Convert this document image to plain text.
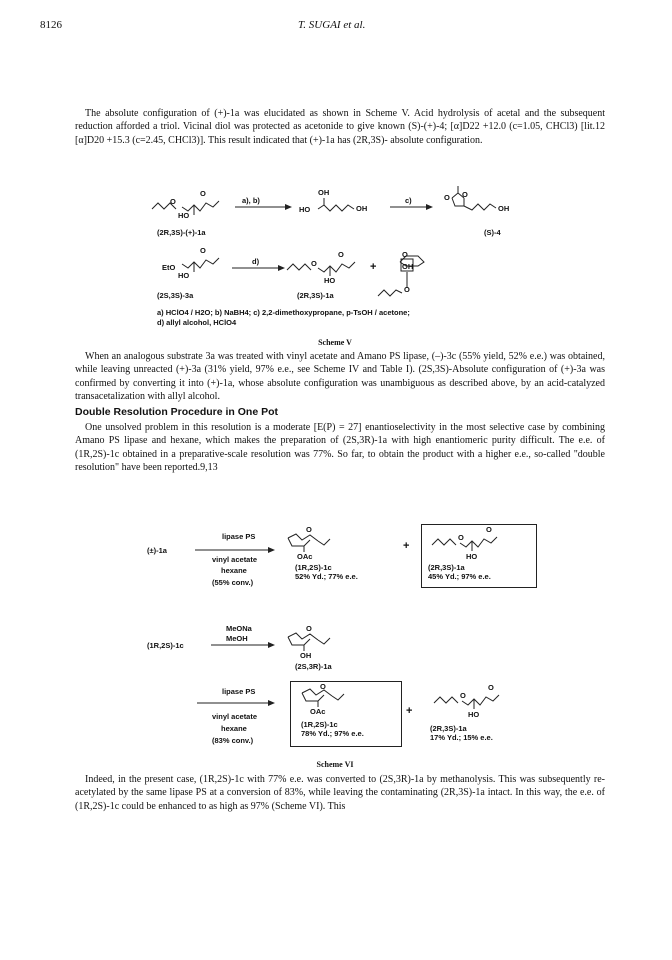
8126	T. SUGAI et al.
The absolute configuration of (+)-1a was elucidated as shown in Scheme V. Acid hydrolysis of acetal and the subsequent reduction afforded a triol. Vicinal diol was protected as acetonide to give known (S)-(+)-4; [α]D22 +12.0 (c=1.05, CHCl3) [lit.12 [α]D20 +15.3 (c=2.45, CHCl3)]. This result indicated that (+)-1a has (2R,3S)- absolute configuration.
O
O
HO
a), b)
OH
HO	OH
c)	O O
OH
(2R,3S)-(+)-1a	(S)-4
EtO
O
HO
d)	O
O
HO
+
O
OH
O
(2S,3S)-3a	(2R,3S)-1a
a) HClO4 / H2O; b) NaBH4; c) 2,2-dimethoxypropane, p-TsOH / acetone;
d) allyl alcohol, HClO4
Scheme V
When an analogous substrate 3a was treated with vinyl acetate and Amano PS lipase, (–)-3c (55% yield, 52% e.e.) was obtained, while leaving unreacted (+)-3a (31% yield, 97% e.e., see Scheme IV and Table I). (2S,3S)-Absolute configuration of (+)-3a was confirmed by converting it into (+)-1a, whose absolute configuration was unambiguous as described above, by an acid-catalyzed transacetalization with allyl alcohol.
Double Resolution Procedure in One Pot
One unsolved problem in this resolution is a moderate [E(P) = 27] enantioselectivity in the most selective case by combining Amano PS lipase and hexane, which makes the preparation of (2S,3R)-1a with high enantiomeric purity difficult. The e.e. of (1R,2S)-1c obtained in a preparative-scale resolution was 77%. So far, to obtain the product with a higher e.e., so-called "double resolution" have been reported.9,13
lipase PS
(±)-1a
vinyl acetate
hexane
(55% conv.)
O
OAc
(1R,2S)-1c
52% Yd.; 77% e.e.
+
O
O
HO
(2R,3S)-1a
45% Yd.; 97% e.e.
MeONa
MeOH
(1R,2S)-1c
O
OH
(2S,3R)-1a
lipase PS
vinyl acetate
hexane
(83% conv.)
O
OAc
(1R,2S)-1c
78% Yd.; 97% e.e.
+
O
O
HO
(2R,3S)-1a
17% Yd.; 15% e.e.
Scheme VI
Indeed, in the present case, (1R,2S)-1c with 77% e.e. was converted to (2S,3R)-1a by methanolysis. This was subsequently re-acetylated by the same lipase PS at a conversion of 83%, while leaving the contaminating (2R,3S)-1a intact. In this way, the e.e. of (1R,2S)-1c could be enhanced to as high as 97% (Scheme VI). This
